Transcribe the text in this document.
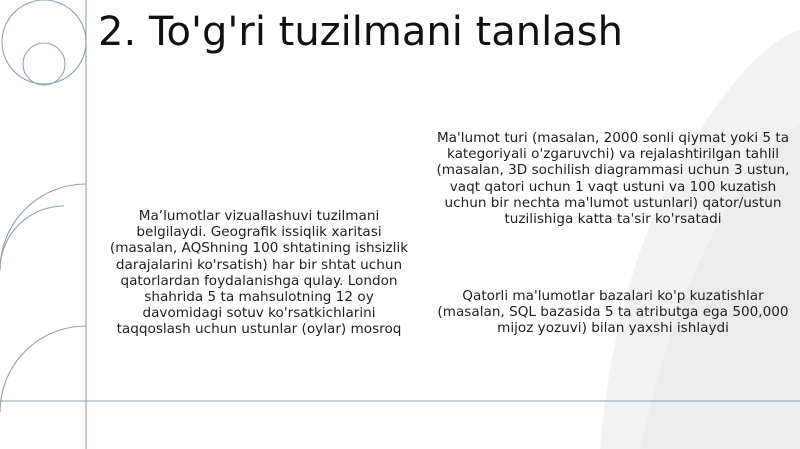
2. To'g'ri tuzilmani tanlash

Ma’lumotlar vizuallashuvi tuzilmani belgilaydi. Geografik issiqlik xaritasi (masalan, AQShning 100 shtatining ishsizlik darajalarini ko'rsatish) har bir shtat uchun qatorlardan foydalanishga qulay. London shahrida 5 ta mahsulotning 12 oy davomidagi sotuv ko'rsatkichlarini taqqoslash uchun ustunlar (oylar) mosroq

Ma'lumot turi (masalan, 2000 sonli qiymat yoki 5 ta kategoriyali o'zgaruvchi) va rejalashtirilgan tahlil (masalan, 3D sochilish diagrammasi uchun 3 ustun, vaqt qatori uchun 1 vaqt ustuni va 100 kuzatish uchun bir nechta ma'lumot ustunlari) qator/ustun tuzilishiga katta ta'sir ko'rsatadi

Qatorli ma'lumotlar bazalari ko'p kuzatishlar (masalan, SQL bazasida 5 ta atributga ega 500,000 mijoz yozuvi) bilan yaxshi ishlaydi
